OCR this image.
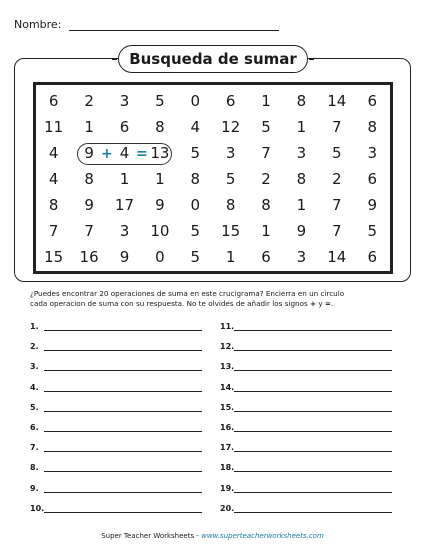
Nombre:
Busqueda de sumar
6	2	3	5	0	6	1	8	14	6
11	1	6	8	4	12	5	1	7	8
4	9	4	13	5	3	7	3	5	3
4	8	1	1	8	5	2	8	2	6
8	9	17	9	0	8	8	1	7	9
7	7	3	10	5	15	1	9	7	5
15	16	9	0	5	1	6	3	14	6
+ =
¿Puedes encontrar 20 operaciones de suma en este crucigrama? Encierra en un circulo
cada operacion de suma con su respuesta. No te olvides de añadir los signos + y =.
1.
2.
3.
4.
5.
6.
7.
8.
9.
10.
11.
12.
13.
14.
15.
16.
17.
18.
19.
20.
Super Teacher Worksheets - www.superteacherworksheets.com
